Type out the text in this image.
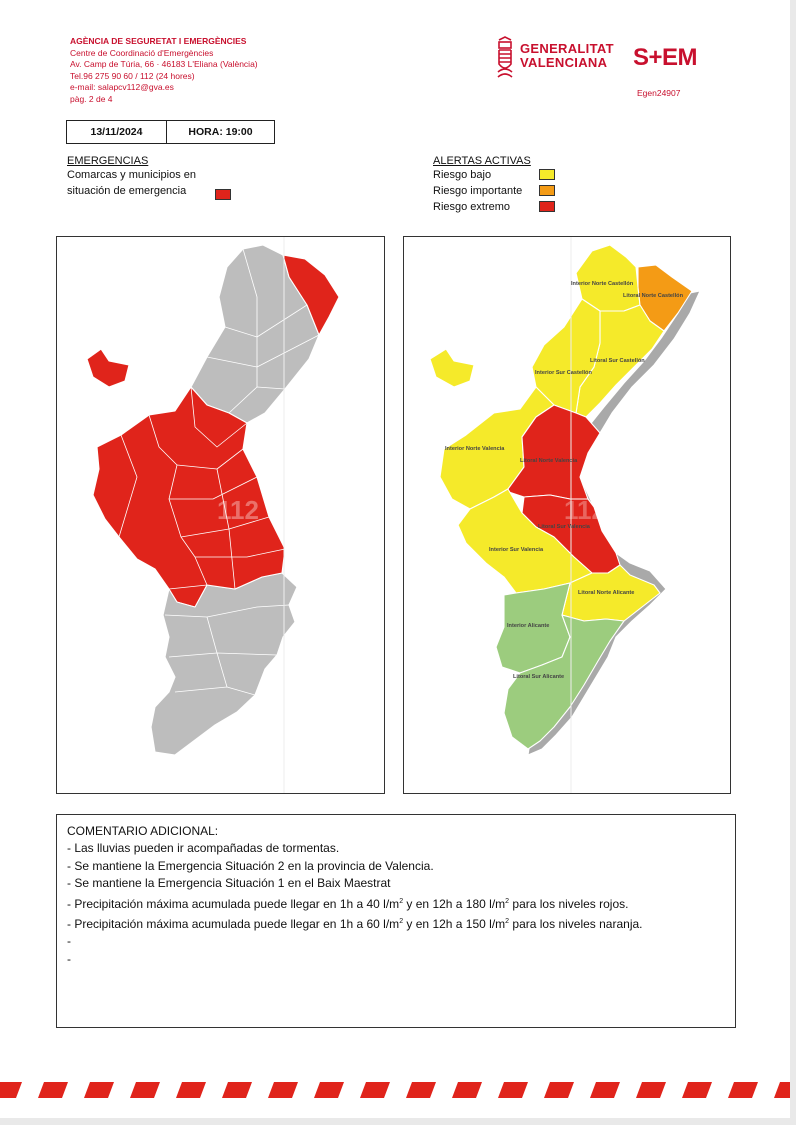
AGÈNCIA DE SEGURETAT I EMERGÈNCIES
Centre de Coordinació d'Emergències
Av. Camp de Túria, 66 · 46183 L'Eliana (València)
Tel.96 275 90 60 / 112 (24 hores)
e-mail: salapcv112@gva.es
pàg. 2 de 4
GENERALITAT
VALENCIANA S+EM
Egen24907
13/11/2024	HORA: 19:00
EMERGENCIAS
Comarcas y municipios en
situación de emergencia
ALERTAS ACTIVAS
Riesgo bajo
Riesgo importante
Riesgo extremo
112	112
Interior Norte Castellón
Litoral Norte Castellón
Litoral Sur Castellón
Interior Sur Castellón
Interior Norte Valencia
Litoral Norte Valencia
Litoral Sur Valencia
Interior Sur Valencia
Litoral Norte Alicante
Interior Alicante
Litoral Sur Alicante
COMENTARIO ADICIONAL:
- Las lluvias pueden ir acompañadas de tormentas.
- Se mantiene la Emergencia Situación 2 en la provincia de Valencia.
- Se mantiene la Emergencia Situación 1 en el Baix Maestrat
- Precipitación máxima acumulada puede llegar en 1h a 40 $l/m^2$ y en 12h a 180 $l/m^2$ para los niveles rojos.
- Precipitación máxima acumulada puede llegar en 1h a 60 $l/m^2$ y en 12h a 150 $l/m^2$ para los niveles naranja.
-
-
